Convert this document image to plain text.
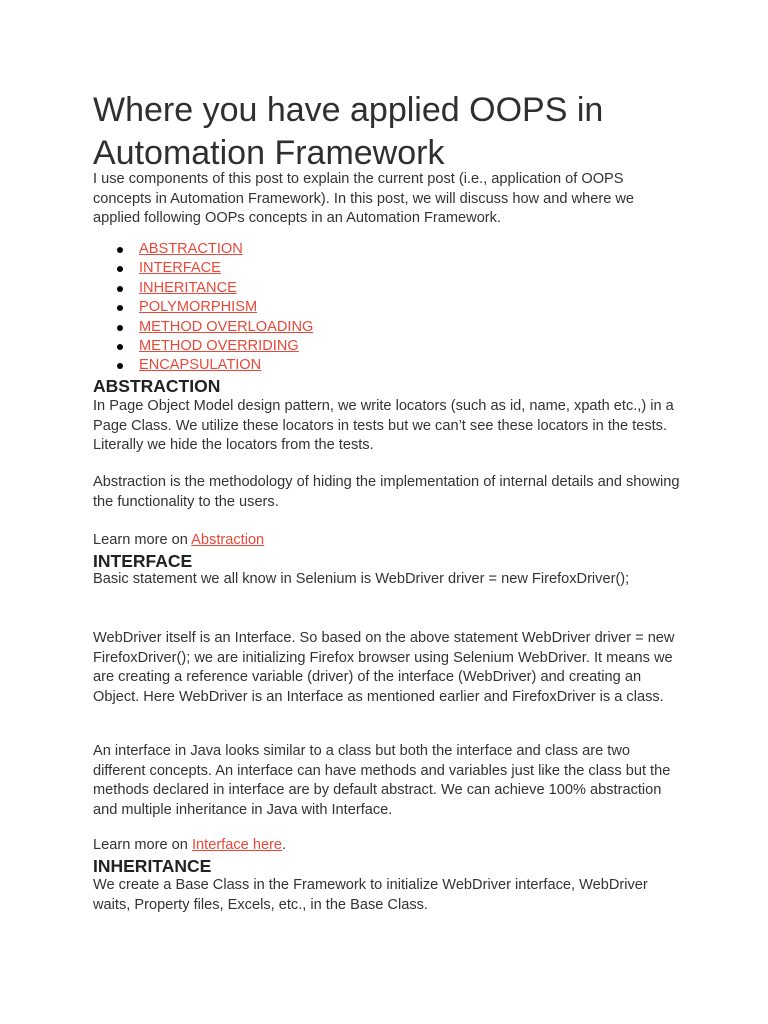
Where you have applied OOPS in Automation Framework

I use components of this post to explain the current post (i.e., application of OOPS concepts in Automation Framework). In this post, we will discuss how and where we applied following OOPs concepts in an Automation Framework.

ABSTRACTION
INTERFACE
INHERITANCE
POLYMORPHISM
METHOD OVERLOADING
METHOD OVERRIDING
ENCAPSULATION
ABSTRACTION

In Page Object Model design pattern, we write locators (such as id, name, xpath etc.,) in a Page Class. We utilize these locators in tests but we can’t see these locators in the tests. Literally we hide the locators from the tests.

Abstraction is the methodology of hiding the implementation of internal details and showing the functionality to the users.

Learn more on Abstraction

INTERFACE

Basic statement we all know in Selenium is WebDriver driver = new FirefoxDriver();

WebDriver itself is an Interface. So based on the above statement WebDriver driver = new FirefoxDriver(); we are initializing Firefox browser using Selenium WebDriver. It means we are creating a reference variable (driver) of the interface (WebDriver) and creating an Object. Here WebDriver is an Interface as mentioned earlier and FirefoxDriver is a class.

An interface in Java looks similar to a class but both the interface and class are two different concepts. An interface can have methods and variables just like the class but the methods declared in interface are by default abstract. We can achieve 100% abstraction and multiple inheritance in Java with Interface.

Learn more on Interface here.

INHERITANCE

We create a Base Class in the Framework to initialize WebDriver interface, WebDriver waits, Property files, Excels, etc., in the Base Class.
